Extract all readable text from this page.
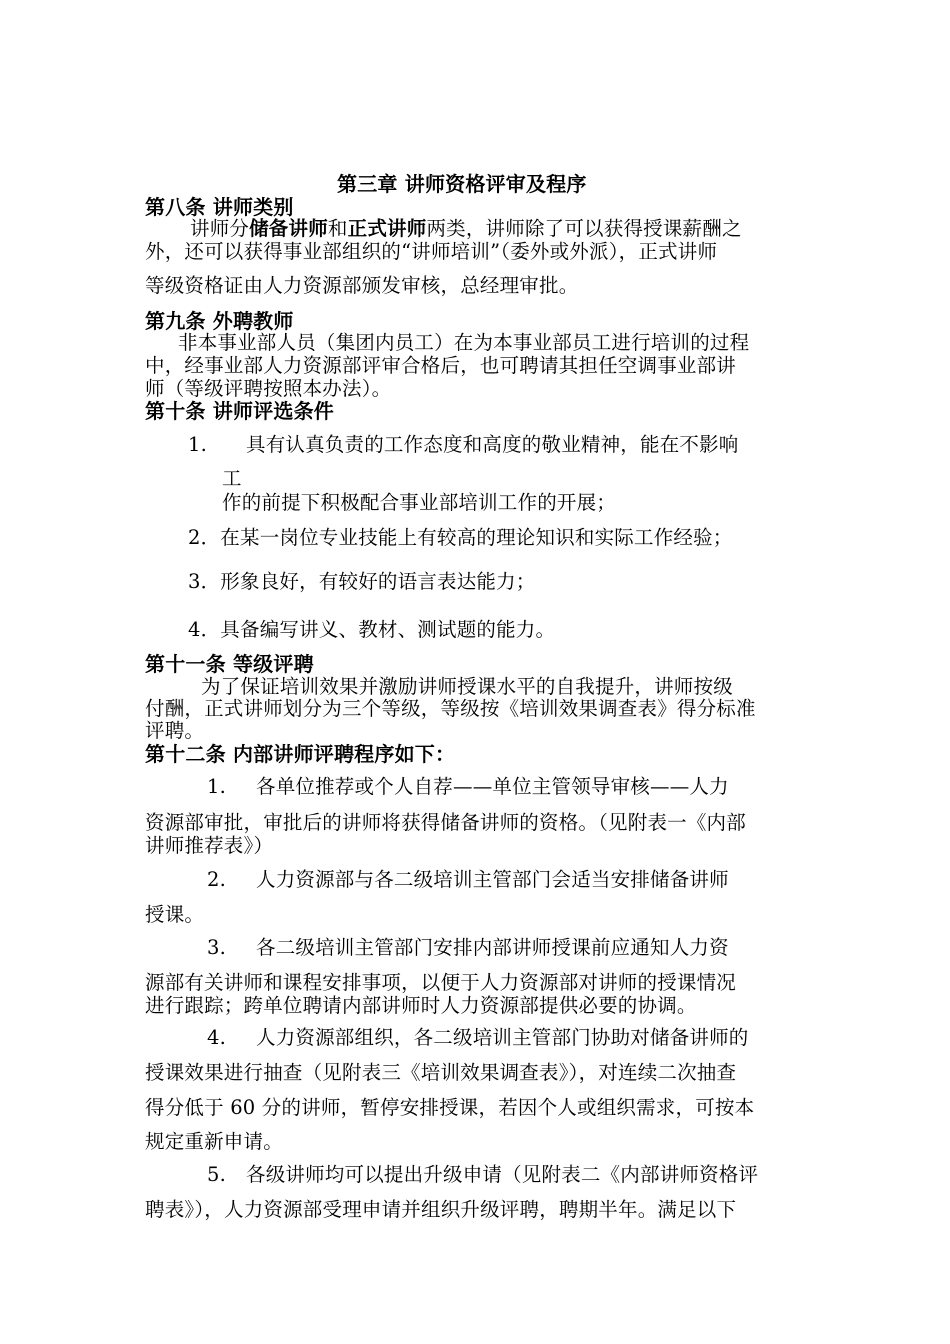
第三章 讲师资格评审及程序
第八条 讲师类别
讲师分储备讲师和正式讲师两类，讲师除了可以获得授课薪酬之
外，还可以获得事业部组织的“讲师培训”（委外或外派），正式讲师
等级资格证由人力资源部颁发审核，总经理审批。
第九条 外聘教师
非本事业部人员（集团内员工）在为本事业部员工进行培训的过程
中，经事业部人力资源部评审合格后，也可聘请其担任空调事业部讲
师（等级评聘按照本办法）。
第十条 讲师评选条件
1. 具有认真负责的工作态度和高度的敬业精神，能在不影响
工
作的前提下积极配合事业部培训工作的开展；
2．在某一岗位专业技能上有较高的理论知识和实际工作经验；
3．形象良好，有较好的语言表达能力；
4．具备编写讲义、教材、测试题的能力。
第十一条 等级评聘
为了保证培训效果并激励讲师授课水平的自我提升，讲师按级
付酬，正式讲师划分为三个等级，等级按《培训效果调查表》得分标准
评聘。
第十二条 内部讲师评聘程序如下：
1. 各单位推荐或个人自荐——单位主管领导审核——人力
资源部审批，审批后的讲师将获得储备讲师的资格。（见附表一《内部
讲师推荐表》）
2. 人力资源部与各二级培训主管部门会适当安排储备讲师
授课。
3. 各二级培训主管部门安排内部讲师授课前应通知人力资
源部有关讲师和课程安排事项，以便于人力资源部对讲师的授课情况
进行跟踪；跨单位聘请内部讲师时人力资源部提供必要的协调。
4. 人力资源部组织，各二级培训主管部门协助对储备讲师的
授课效果进行抽查（见附表三《培训效果调查表》），对连续二次抽查
得分低于 60 分的讲师，暂停安排授课，若因个人或组织需求，可按本
规定重新申请。
5. 各级讲师均可以提出升级申请（见附表二《内部讲师资格评
聘表》），人力资源部受理申请并组织升级评聘，聘期半年。满足以下
